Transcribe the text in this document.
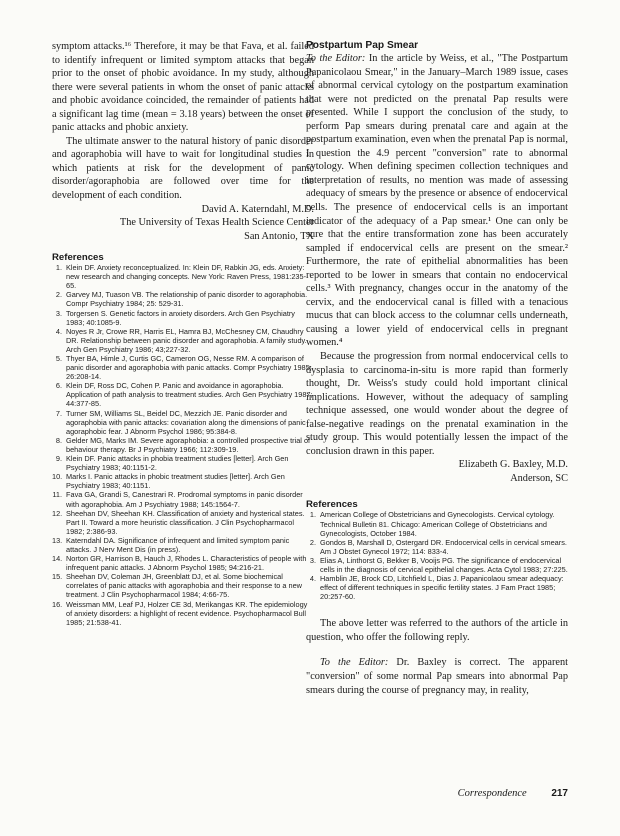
symptom attacks.¹⁶ Therefore, it may be that Fava, et al. failed to identify infrequent or limited symptom attacks that began prior to the onset of phobic avoidance. In my study, although there were several patients in whom the onset of panic attacks and phobic avoidance coincided, the remainder of patients had a significant lag time (mean = 3.18 years) between the onset of panic attacks and phobic anxiety.

The ultimate answer to the natural history of panic disorder and agoraphobia will have to wait for longitudinal studies in which patients at risk for the development of panic disorder/agoraphobia are followed over time for the development of each condition.

David A. Katerndahl, M.D.
The University of Texas Health Science Center
San Antonio, TX
References
1. Klein DF. Anxiety reconceptualized. In: Klein DF, Rabkin JG, eds. Anxiety: new research and changing concepts. New York: Raven Press, 1981:235-65.
2. Garvey MJ, Tuason VB. The relationship of panic disorder to agoraphobia. Compr Psychiatry 1984; 25: 529-31.
3. Torgersen S. Genetic factors in anxiety disorders. Arch Gen Psychiatry 1983; 40:1085-9.
4. Noyes R Jr, Crowe RR, Harris EL, Hamra BJ, McChesney CM, Chaudhry DR. Relationship between panic disorder and agoraphobia. A family study. Arch Gen Psychiatry 1986; 43;227-32.
5. Thyer BA, Himle J, Curtis GC, Cameron OG, Nesse RM. A comparison of panic disorder and agoraphobia with panic attacks. Compr Psychiatry 1985; 26:208-14.
6. Klein DF, Ross DC, Cohen P. Panic and avoidance in agoraphobia. Application of path analysis to treatment studies. Arch Gen Psychiatry 1987; 44:377-85.
7. Turner SM, Williams SL, Beidel DC, Mezzich JE. Panic disorder and agoraphobia with panic attacks: covariation along the dimensions of panic agoraphobic fear. J Abnorm Psychol 1986; 95:384-8.
8. Gelder MG, Marks IM. Severe agoraphobia: a controlled prospective trial of behaviour therapy. Br J Psychiatry 1966; 112:309-19.
9. Klein DF. Panic attacks in phobia treatment studies [letter]. Arch Gen Psychiatry 1983; 40:1151-2.
10. Marks I. Panic attacks in phobic treatment studies [letter]. Arch Gen Psychiatry 1983; 40:1151.
11. Fava GA, Grandi S, Canestrari R. Prodromal symptoms in panic disorder with agoraphobia. Am J Psychiatry 1988; 145:1564-7.
12. Sheehan DV, Sheehan KH. Classification of anxiety and hysterical states. Part II. Toward a more heuristic classification. J Clin Psychopharmacol 1982; 2:386-93.
13. Katerndahl DA. Significance of infrequent and limited symptom panic attacks. J Nerv Ment Dis (in press).
14. Norton GR, Harrison B, Hauch J, Rhodes L. Characteristics of people with infrequent panic attacks. J Abnorm Psychol 1985; 94:216-21.
15. Sheehan DV, Coleman JH, Greenblatt DJ, et al. Some biochemical correlates of panic attacks with agoraphobia and their response to a new treatment. J Clin Psychopharmacol 1984; 4:66-75.
16. Weissman MM, Leaf PJ, Holzer CE 3d, Merikangas KR. The epidemiology of anxiety disorders: a highlight of recent evidence. Psychopharmacol Bull 1985; 21:538-41.
Postpartum Pap Smear

To the Editor: In the article by Weiss, et al., "The Postpartum Papanicolaou Smear," in the January–March 1989 issue, cases of abnormal cervical cytology on the postpartum examination that were not predicted on the prenatal Pap results were presented. While I support the conclusion of the study, to perform Pap smears during prenatal care and again at the postpartum examination, even when the prenatal Pap is normal, I question the 4.9 percent "conversion" rate to abnormal cytology. When defining specimen collection techniques and interpretation of results, no mention was made of assessing adequacy of smears by the presence or absence of endocervical cells. The presence of endocervical cells is an important indicator of the adequacy of a Pap smear.¹ One can only be sure that the entire transformation zone has been accurately sampled if endocervical cells are present on the smear.² Furthermore, the rate of epithelial abnormalities has been reported to be lower in smears that contain no endocervical cells.³ With pregnancy, changes occur in the anatomy of the cervix, and the endocervical canal is filled with a tenacious mucus that can block access to the columnar cells underneath, causing a lower yield of endocervical cells in pregnant women.⁴

Because the progression from normal endocervical cells to dysplasia to carcinoma-in-situ is more rapid than formerly thought, Dr. Weiss's study could hold important clinical implications. However, without the adequacy of sampling technique assessed, one would wonder about the degree of false-negative readings on the prenatal examination in the study group. This would potentially lessen the impact of the conclusion drawn in this paper.

Elizabeth G. Baxley, M.D.
Anderson, SC
References
1. American College of Obstetricians and Gynecologists. Cervical cytology. Technical Bulletin 81. Chicago: American College of Obstetricians and Gynecologists, October 1984.
2. Gondos B, Marshall D, Ostergard DR. Endocervical cells in cervical smears. Am J Obstet Gynecol 1972; 114: 833-4.
3. Elias A, Linthorst G, Bekker B, Vooijs PG. The significance of endocervical cells in the diagnosis of cervical epithelial changes. Acta Cytol 1983; 27:225.
4. Hamblin JE, Brock CD, Litchfield L, Dias J. Papanicolaou smear adequacy: effect of different techniques in specific fertility states. J Fam Pract 1985; 20:257-60.

The above letter was referred to the authors of the article in question, who offer the following reply.

To the Editor: Dr. Baxley is correct. The apparent "conversion" of some normal Pap smears into abnormal Pap smears during the course of pregnancy may, in reality,

Correspondence 217
